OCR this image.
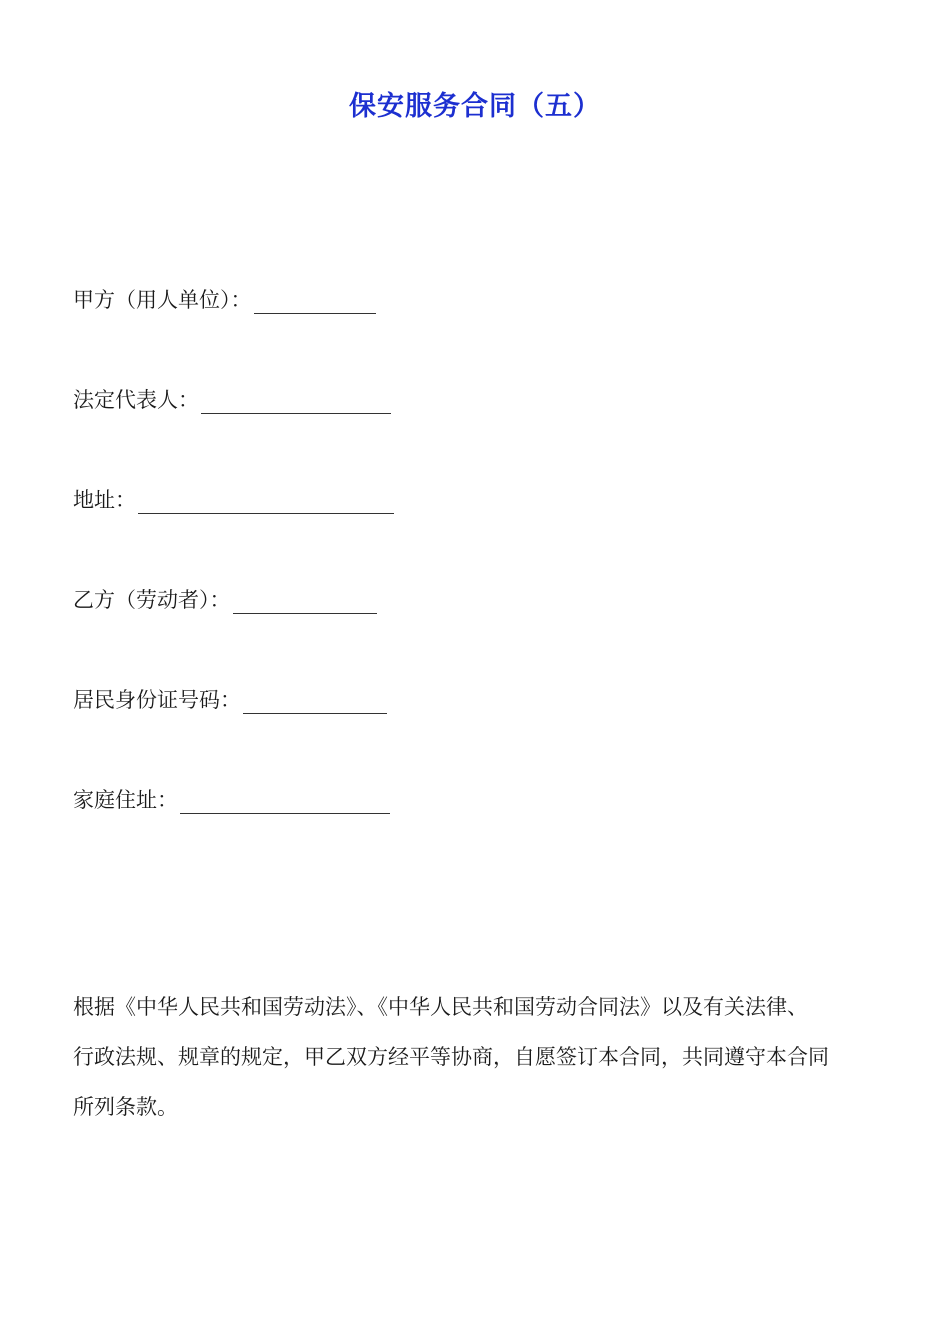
保安服务合同（五）
甲方（用人单位）：
法定代表人：
地址：
乙方（劳动者）：
居民身份证号码：
家庭住址：
根据《中华人民共和国劳动法》、《中华人民共和国劳动合同法》以及有关法律、
行政法规、规章的规定，甲乙双方经平等协商，自愿签订本合同，共同遵守本合同
所列条款。
